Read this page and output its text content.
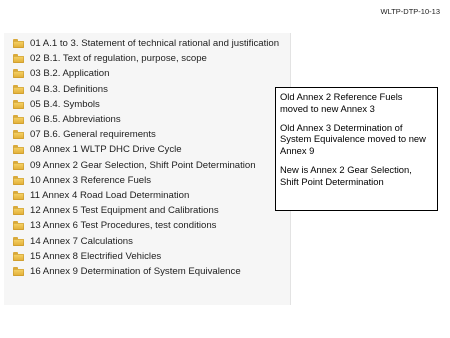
WLTP-DTP-10-13
01 A.1 to 3. Statement of technical rational and justification
02 B.1. Text of regulation, purpose, scope
03 B.2. Application
04 B.3. Definitions
05 B.4. Symbols
06 B.5. Abbreviations
07 B.6. General requirements
08 Annex 1 WLTP DHC Drive Cycle
09 Annex 2 Gear Selection, Shift Point Determination
10 Annex 3 Reference Fuels
11 Annex 4 Road Load Determination
12 Annex 5 Test Equipment and Calibrations
13 Annex 6 Test Procedures, test conditions
14 Annex 7 Calculations
15 Annex 8 Electrified Vehicles
16 Annex 9 Determination of System Equivalence

Old Annex 2 Reference Fuels moved to new Annex 3

Old Annex 3 Determination of System Equivalence moved to new Annex 9

New is Annex 2 Gear Selection, Shift Point Determination
